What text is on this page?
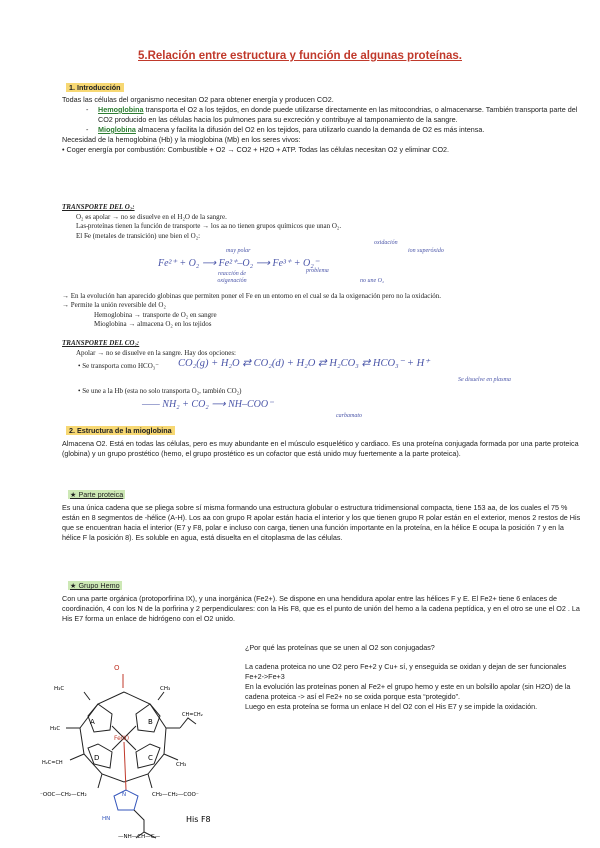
5.Relación entre estructura y función de algunas proteínas.
1. Introducción

Todas las células del organismo necesitan O2 para obtener energía y producen CO2.

- Hemoglobina transporta el O2 a los tejidos, en donde puede utilizarse directamente en las mitocondrias, o almacenarse. También transporta parte del CO2 producido en las células hacia los pulmones para su excreción y contribuye al tamponamiento de la sangre.
- Mioglobina almacena y facilita la difusión del O2 en los tejidos, para utilizarlo cuando la demanda de O2 es más intensa.

Necesidad de la hemoglobina (Hb) y la mioglobina (Mb) en los seres vivos:

• Coger energía por combustión: Combustible + O2 → CO2 + H2O + ATP. Todas las células necesitan O2 y eliminar CO2.

TRANSPORTE DEL O₂:
- O₂ es apolar → no se disuelve en el H₂O de la sangre.
- Las proteínas tienen la función de transporte → los aa no tienen grupos químicos que unan O₂.
- El Fe (metales de transición) une bien el O₂:
Fe²⁺ + O₂ ⟶ Fe²⁺–O₂ ⟶ Fe³⁺ + O₂⁻
muy polar
oxidación
ion superóxido
reacción de oxigenación
problema
no une O₂

→ En la evolución han aparecido globinas que permiten poner el Fe en un entorno en el cual se da la oxigenación pero no la oxidación.

→ Permite la unión reversible del O₂

Hemoglobina → transporte de O₂ en sangre

Mioglobina → almacena O₂ en los tejidos

TRANSPORTE DEL CO₂:
Apolar → no se disuelve en la sangre. Hay dos opciones:
• Se transporta como HCO₃⁻ CO₂(g) + H₂O ⇄ CO₂(d) + H₂O ⇄ H₂CO₃ ⇄ HCO₃⁻ + H⁺
Se disuelve en plasma
• Se une a la Hb (esta no solo transporta O₂, también CO₂)
—— NH₂ + CO₂ ⟶ NH–COO⁻
carbamato
2. Estructura de la mioglobina
Almacena O2. Está en todas las células, pero es muy abundante en el músculo esquelético y cardiaco. Es una proteína conjugada formada por una parte proteica (globina) y un grupo prostético (hemo, el grupo prostético es un cofactor que está unido muy fuertemente a la parte proteica).
★ Parte proteica
Es una única cadena que se pliega sobre sí misma formando una estructura globular o estructura tridimensional compacta, tiene 153 aa, de los cuales el 75 % están en 8 segmentos de -hélice (A-H). Los aa con grupo R apolar están hacia el interior y los que tienen grupo R polar están en el exterior, menos 2 restos de His que se encuentran hacia el interior (E7 y F8, polar e incluso con carga, tienen una función importante en la proteína, en la hélice E ocupa la posición 7 y en la hélice F la posición 8). Es soluble en agua, está disuelta en el citoplasma de las células.
★ Grupo Hemo
Con una parte orgánica (protoporfirina IX), y una inorgánica (Fe2+). Se dispone en una hendidura apolar entre las hélices F y E. El Fe2+ tiene 6 enlaces de coordinación, 4 con los N de la porfirina y 2 perpendiculares: con la His F8, que es el punto de unión del hemo a la cadena peptídica, y en el otro se une el O2 . La His E7 forma un enlace de hidrógeno con el O2 unido.
¿Por qué las proteínas que se unen al O2 son conjugadas?

La cadena proteica no une O2 pero Fe+2 y Cu+ sí, y enseguida se oxidan y dejan de ser funcionales Fe+2->Fe+3

En la evolución las proteínas ponen al Fe2+ el grupo hemo y este en un bolsillo apolar (sin H2O) de la cadena proteica -> así el Fe2+ no se oxida porque esta “protegido”.

Luego en esta proteína se forma un enlace H del O2 con el His E7 y se impide la oxidación.

O
A	B
C
D
Fe(II)
H₃C
H₃C
CH₃
CH₃
H₂C=CH
CH=CH₂
⁻OOC—CH₂—CH₂	CH₂—CH₂—COO⁻
HN
N
—NH—CH—C—
His F8
